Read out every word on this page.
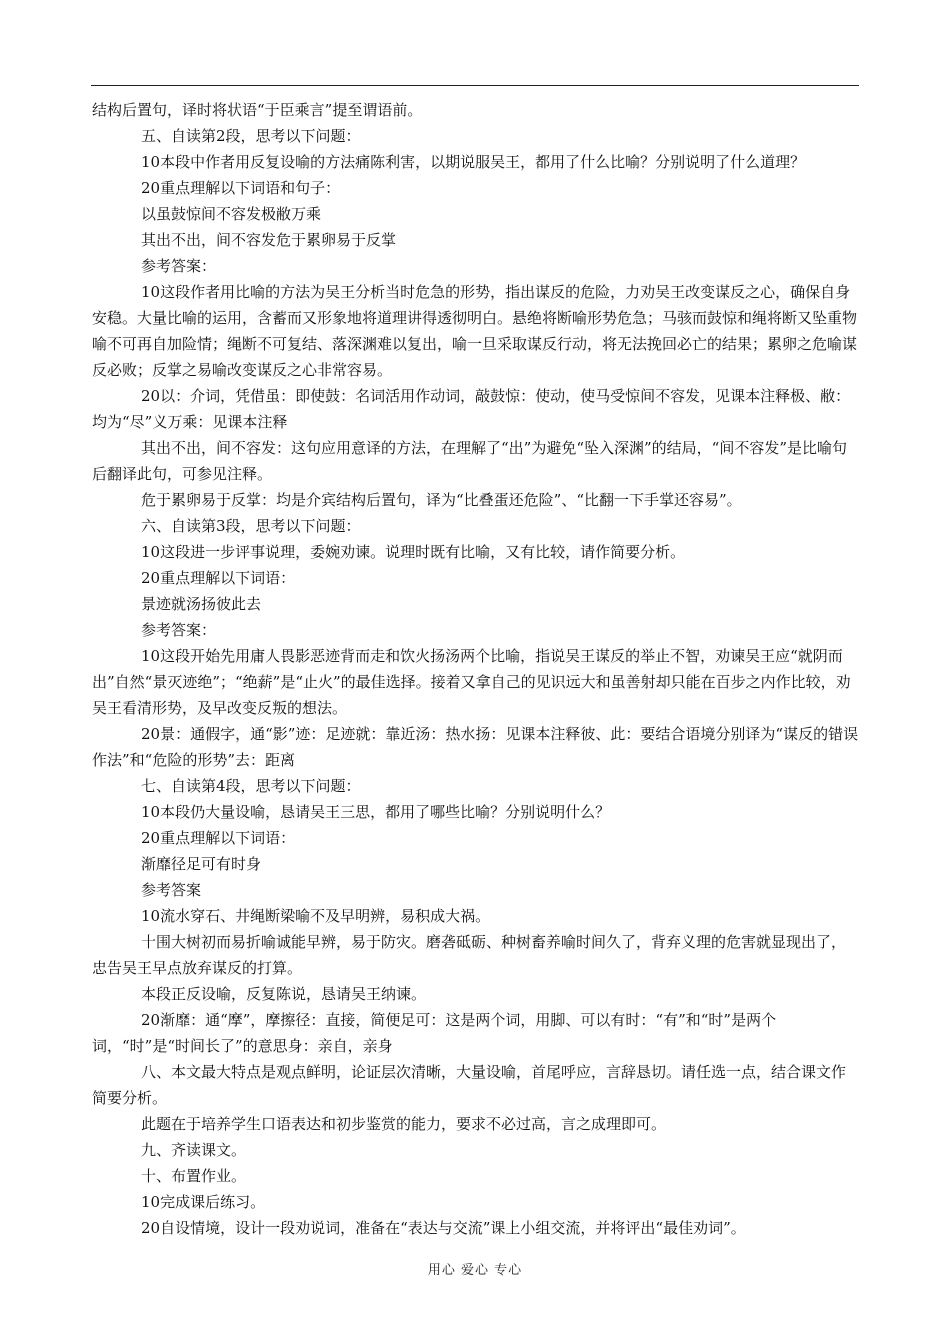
结构后置句，译时将状语“于臣乘言”提至谓语前。

五、自读第2段，思考以下问题：

10本段中作者用反复设喻的方法痛陈利害，以期说服吴王，都用了什么比喻？分别说明了什么道理？

20重点理解以下词语和句子：

以虽鼓惊间不容发极敝万乘

其出不出，间不容发危于累卵易于反掌

参考答案：

10这段作者用比喻的方法为吴王分析当时危急的形势，指出谋反的危险，力劝吴王改变谋反之心，确保自身安稳。大量比喻的运用，含蓄而又形象地将道理讲得透彻明白。悬绝将断喻形势危急；马骇而鼓惊和绳将断又坠重物喻不可再自加险情；绳断不可复结、落深渊难以复出，喻一旦采取谋反行动，将无法挽回必亡的结果；累卵之危喻谋反必败；反掌之易喻改变谋反之心非常容易。

20以：介词，凭借虽：即使鼓：名词活用作动词，敲鼓惊：使动，使马受惊间不容发，见课本注释极、敝：均为“尽”义万乘：见课本注释

其出不出，间不容发：这句应用意译的方法，在理解了“出”为避免“坠入深渊”的结局，“间不容发”是比喻句后翻译此句，可参见注释。

危于累卵易于反掌：均是介宾结构后置句，译为“比叠蛋还危险”、“比翻一下手掌还容易”。

六、自读第3段，思考以下问题：

10这段进一步评事说理，委婉劝谏。说理时既有比喻，又有比较，请作简要分析。

20重点理解以下词语：

景迹就汤扬彼此去

参考答案：

10这段开始先用庸人畏影恶迹背而走和饮火扬汤两个比喻，指说吴王谋反的举止不智，劝谏吴王应“就阴而出”自然“景灭迹绝”；“绝薪”是“止火”的最佳选择。接着又拿自己的见识远大和虽善射却只能在百步之内作比较，劝吴王看清形势，及早改变反叛的想法。

20景：通假字，通“影”迹：足迹就：靠近汤：热水扬：见课本注释彼、此：要结合语境分别译为“谋反的错误作法”和“危险的形势”去：距离

七、自读第4段，思考以下问题：

10本段仍大量设喻，恳请吴王三思，都用了哪些比喻？分别说明什么？

20重点理解以下词语：

渐靡径足可有时身

参考答案

10流水穿石、井绳断梁喻不及早明辨，易积成大祸。

十围大树初而易折喻诚能早辨，易于防灾。磨砻砥砺、种树畜养喻时间久了，背弃义理的危害就显现出了，忠告吴王早点放弃谋反的打算。

本段正反设喻，反复陈说，恳请吴王纳谏。

20渐靡：通“摩”，摩擦径：直接，简便足可：这是两个词，用脚、可以有时：“有”和“时”是两个词，“时”是“时间长了”的意思身：亲自，亲身

八、本文最大特点是观点鲜明，论证层次清晰，大量设喻，首尾呼应，言辞恳切。请任选一点，结合课文作简要分析。

此题在于培养学生口语表达和初步鉴赏的能力，要求不必过高，言之成理即可。

九、齐读课文。

十、布置作业。

10完成课后练习。

20自设情境，设计一段劝说词，准备在“表达与交流”课上小组交流，并将评出“最佳劝词”。

用心 爱心 专心
